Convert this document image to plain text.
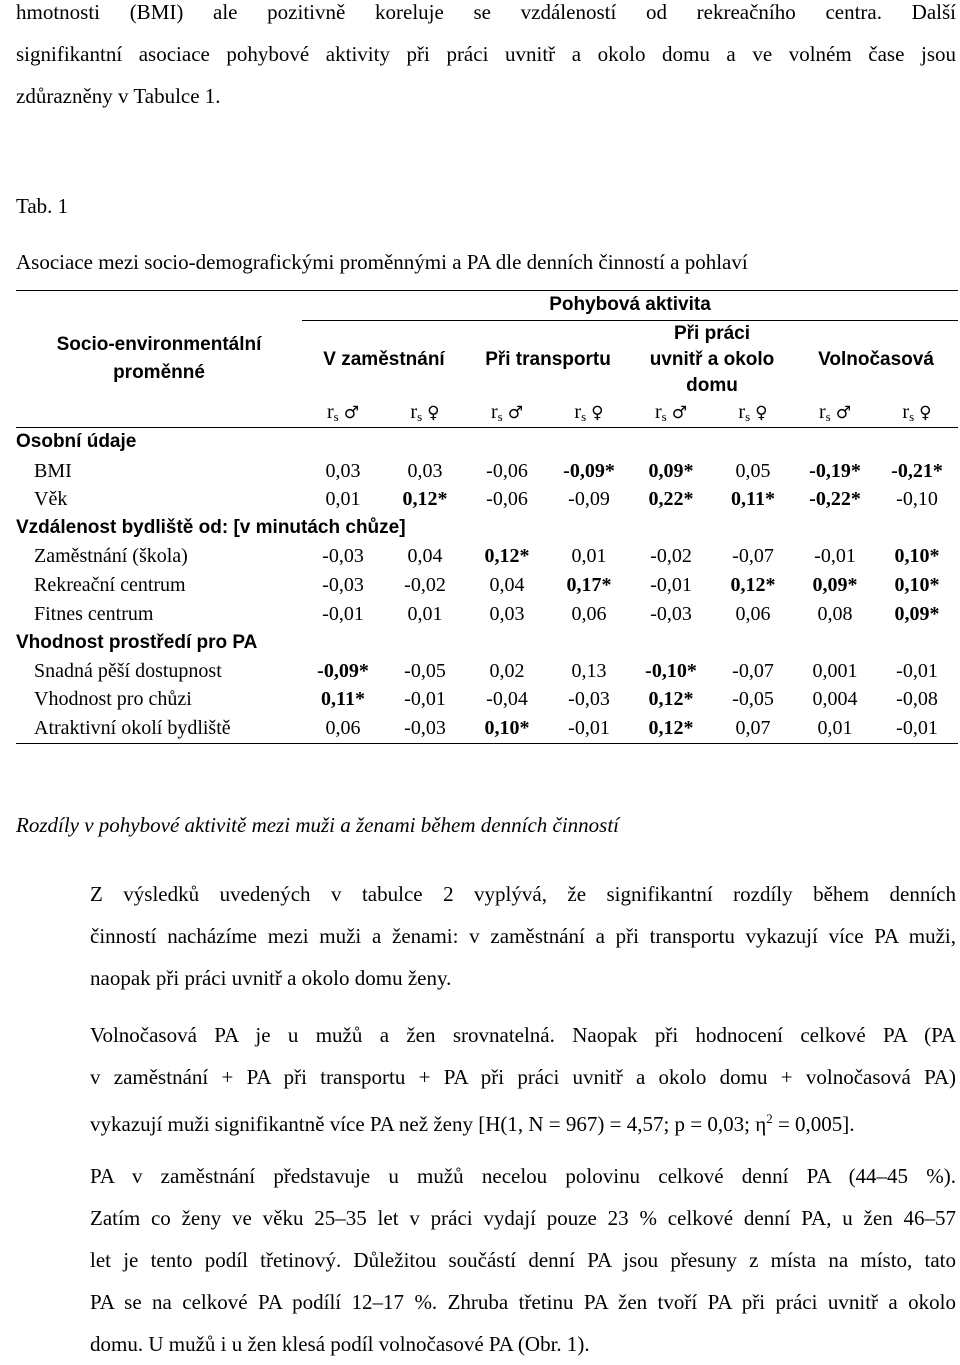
hmotnosti (BMI) ale pozitivně koreluje se vzdáleností od rekreačního centra. Další
signifikantní asociace pohybové aktivity při práci uvnitř a okolo domu a ve volném čase jsou
zdůrazněny v Tabulce 1.

Tab. 1

Asociace mezi socio-demografickými proměnnými a PA dle denních činností a pohlaví

Socio-environmentální proměnné	Pohybová aktivita							
	V zaměstnání		Při transportu		Při práci uvnitř a okolo domu		Volnočasová	
	$r_s$ ♂	$r_s$ ♀	$r_s$ ♂	$r_s$ ♀	$r_s$ ♂	$r_s$ ♀	$r_s$ ♂	$r_s$ ♀
Osobní údaje								
BMI	0,03	0,03	-0,06	-0,09*	0,09*	0,05	-0,19*	-0,21*
Věk	0,01	0,12*	-0,06	-0,09	0,22*	0,11*	-0,22*	-0,10
Vzdálenost bydliště od: [v minutách chůze]								
Zaměstnání (škola)	-0,03	0,04	0,12*	0,01	-0,02	-0,07	-0,01	0,10*
Rekreační centrum	-0,03	-0,02	0,04	0,17*	-0,01	0,12*	0,09*	0,10*
Fitnes centrum	-0,01	0,01	0,03	0,06	-0,03	0,06	0,08	0,09*
Vhodnost prostředí pro PA								
Snadná pěší dostupnost	-0,09*	-0,05	0,02	0,13	-0,10*	-0,07	0,001	-0,01
Vhodnost pro chůzi	0,11*	-0,01	-0,04	-0,03	0,12*	-0,05	0,004	-0,08
Atraktivní okolí bydliště	0,06	-0,03	0,10*	-0,01	0,12*	0,07	0,01	-0,01

Rozdíly v pohybové aktivitě mezi muži a ženami během denních činností

Z výsledků uvedených v tabulce 2 vyplývá, že signifikantní rozdíly během denních
činností nacházíme mezi muži a ženami: v zaměstnání a při transportu vykazují více PA muži,
naopak při práci uvnitř a okolo domu ženy.

Volnočasová PA je u mužů a žen srovnatelná. Naopak při hodnocení celkové PA (PA
v zaměstnání + PA při transportu + PA při práci uvnitř a okolo domu + volnočasová PA)
vykazují muži signifikantně více PA než ženy [H(1, N = 967) = 4,57; p = 0,03; $\eta^2 = 0,005$].

PA v zaměstnání představuje u mužů necelou polovinu celkové denní PA (44–45 %).
Zatím co ženy ve věku 25–35 let v práci vydají pouze 23 % celkové denní PA, u žen 46–57
let je tento podíl třetinový. Důležitou součástí denní PA jsou přesuny z místa na místo, tato
PA se na celkové PA podílí 12–17 %. Zhruba třetinu PA žen tvoří PA při práci uvnitř a okolo
domu. U mužů i u žen klesá podíl volnočasové PA (Obr. 1).
